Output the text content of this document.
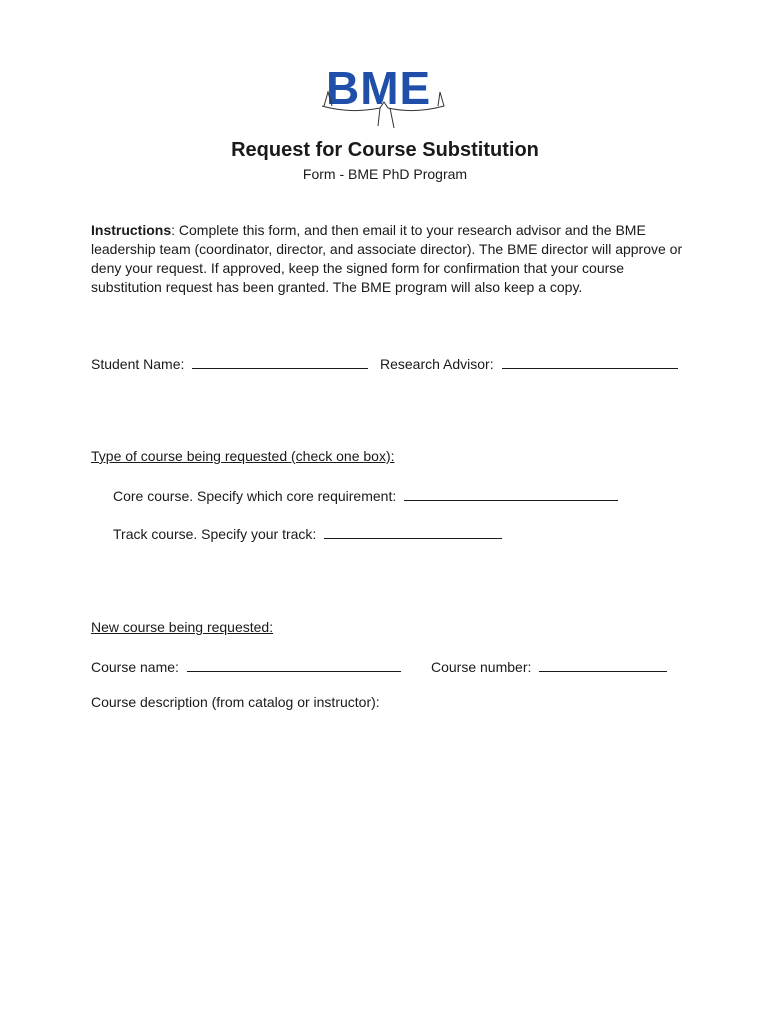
BME
Request for Course Substitution
Form - BME PhD Program
Instructions: Complete this form, and then email it to your research advisor and the BME leadership team (coordinator, director, and associate director). The BME director will approve or deny your request. If approved, keep the signed form for confirmation that your course substitution request has been granted. The BME program will also keep a copy.
Student Name:	Research Advisor:
Type of course being requested (check one box):
Core course. Specify which core requirement:
Track course. Specify your track:
New course being requested:
Course name:	Course number:
Course description (from catalog or instructor):
